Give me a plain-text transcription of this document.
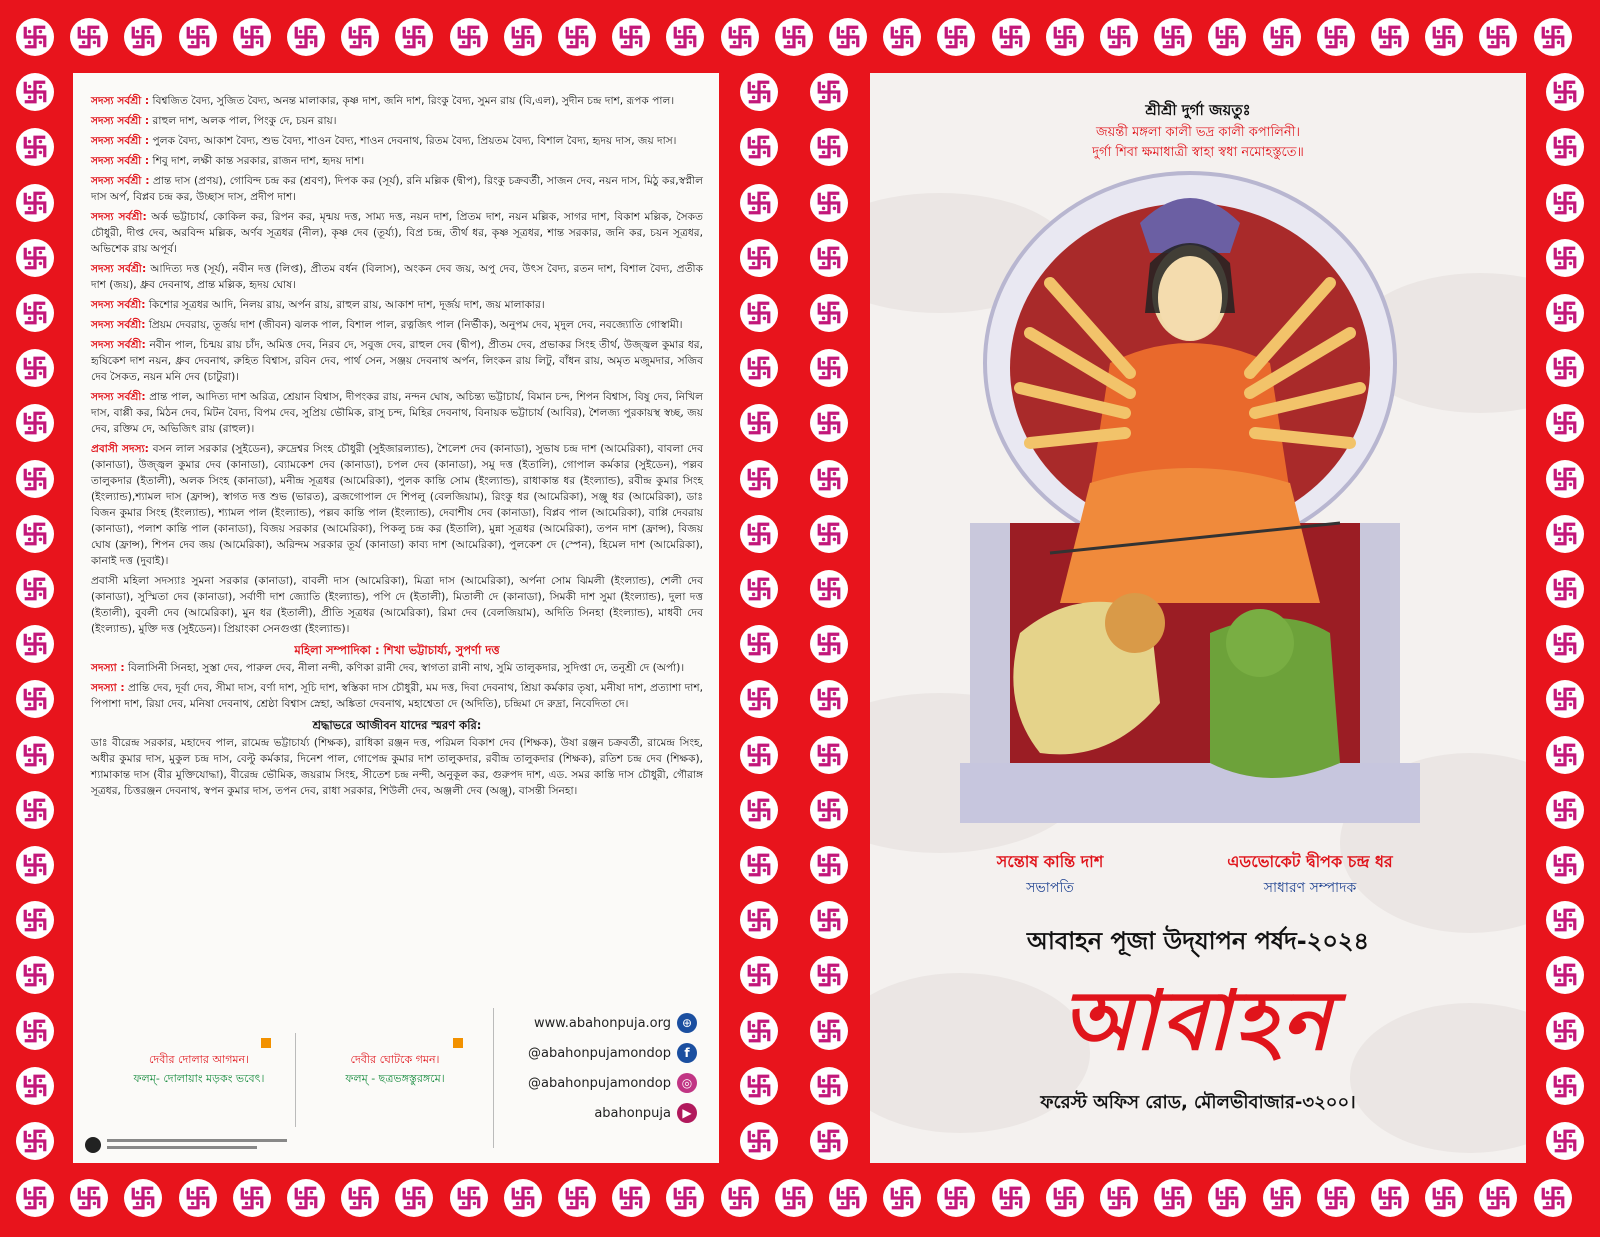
সদস্য সর্বশ্রী : বিশ্বজিত বৈদ্য, সুজিত বৈদ্য, অনন্ত মালাকার, কৃষ্ণ দাশ, জনি দাশ, রিংকু বৈদ্য, সুমন রায় (বি,এল), সুদীন চন্দ্র দাশ, রূপক পাল।
সদস্য সর্বশ্রী : রাহুল দাশ, অলক পাল, পিংকু দে, চয়ন রায়।
সদস্য সর্বশ্রী : পুলক বৈদ্য, আকাশ বৈদ্য, শুভ বৈদ্য, শাওন বৈদ্য, শাওন দেবনাথ, রিতম বৈদ্য, প্রিয়তম বৈদ্য, বিশাল বৈদ্য, হৃদয় দাস, জয় দাস।
সদস্য সর্বশ্রী : শিবু দাশ, লক্ষী কান্ত সরকার, রাজন দাশ, হৃদয় দাশ।
সদস্য সর্বশ্রী : প্রান্ত দাস (প্রণয়), গোবিন্দ চন্দ্র কর (শ্রবণ), দিপক কর (সূর্য), রনি মল্লিক (দ্বীপ), রিংকু চক্রবর্তী, সাজন দেব, নয়ন দাস, মিঠু কর,স্বপ্নীল দাস অর্প, বিপ্লব চন্দ্র কর, উচ্ছাস দাস, প্রদীপ দাশ।
সদস্য সর্বশ্রী: অর্ক ভট্টাচার্য, কোকিল কর, রিপন কর, মৃন্ময় দত্ত, সাম্য দত্ত, নয়ন দাশ, প্রিতম দাশ, নয়ন মল্লিক, সাগর দাশ, বিকাশ মল্লিক, সৈকত চৌধুরী, দীপ্ত দেব, অরবিন্দ মল্লিক, অর্ণব সূত্রধর (নীল), কৃষ্ণ দেব (তূর্য্য), বিপ্র চন্দ্র, তীর্থ ধর, কৃষ্ণ সূত্রধর, শান্ত সরকার, জনি কর, চয়ন সূত্রধর, অভিশেক রায় অপূর্ব।
সদস্য সর্বশ্রী: আদিত্য দত্ত (সূর্য), নবীন দত্ত (লিপ্ত), প্রীতম বর্ধন (বিলাস), অংকন দেব জয়, অপু দেব, উৎস বৈদ্য, রতন দাশ, বিশাল বৈদ্য, প্রতীক দাশ (জয়), ধ্রুব দেবনাথ, প্রান্ত মল্লিক, হৃদয় ঘোষ।
সদস্য সর্বশ্রী: কিশোর সূত্রধর আদি, নিলয় রায়, অর্পন রায়, রাহুল রায়, আকাশ দাশ, দূর্জয় দাশ, জয় মালাকার।
সদস্য সর্বশ্রী: প্রিয়ম দেবরায়, তূর্জয় দাশ (জীবন) ঝলক পাল, বিশাল পাল, রত্নজিৎ পাল (নির্ভীক), অনুপম দেব, মৃদুল দেব, নবজ্যোতি গোস্বামী।
সদস্য সর্বশ্রী: নবীন পাল, চিন্ময় রায় চাঁদ, অমিত্ত দেব, নিরব দে, সবুজ দেব, রাহুল দেব (দ্বীপ), প্রীতম দেব, প্রভাকর সিংহ তীর্থ, উজ্জ্বল কুমার ধর, হৃষিকেশ দাশ নয়ন, ধ্রুব দেবনাথ, রুহিত বিশ্বাস, রবিন দেব, পার্থ সেন, সঞ্জয় দেবনাথ অর্পন, লিংকন রায় লিটু, বাঁধন রায়, অমৃত মজুমদার, সজিব দেব সৈকত, নয়ন মনি দেব (চাটুরা)।
সদস্য সর্বশ্রী: প্রান্ত পাল, আদিত্য দাশ অরিত্র, শ্রেয়ান বিশ্বাস, দীপংকর রায়, নন্দন ঘোষ, অচিন্ত্য ভট্টাচার্য, বিমান চন্দ, শিপন বিশ্বাস, বিষু দেব, নিখিল দাস, বাপ্পী কর, মিঠন দেব, মিটন বৈদ্য, বিপম দেব, সুপ্রিয় ভৌমিক, রাসু চন্দ, মিহির দেবনাথ, বিনায়ক ভট্টাচার্য (আবির), শৈলজ্য পুরকায়স্থ স্বচ্ছ, জয় দেব, রক্তিম দে, অভিজিৎ রায় (রাহুল)।
প্রবাসী সদস্য: বসন লাল সরকার (সুইডেন), রুদ্রেশ্বর সিংহ চৌধুরী (সুইজারল্যান্ড), শৈলেশ দেব (কানাডা), সুভাষ চন্দ্র দাশ (আমেরিকা), বাবলা দেব (কানাডা), উজ্জ্বল কুমার দেব (কানাডা), ব্যোমকেশ দেব (কানাডা), চপল দেব (কানাডা), সমু দত্ত (ইতালি), গোপাল কর্মকার (সুইডেন), পল্লব তালুকদার (ইতালী), অলক সিংহ (কানাডা), মনীন্দ্র সূত্রধর (আমেরিকা), পুলক কান্তি সোম (ইংল্যান্ড), রাধাকান্ত ধর (ইংল্যান্ড), রবীন্দ্র কুমার সিংহ (ইংল্যান্ড),শ্যামল দাস (ফ্রান্স), স্বাগত দত্ত শুভ (ভারত), ব্রজগোপাল দে শিপলু (বেলজিয়াম), রিংকু ধর (আমেরিকা), সঞ্জু ধর (আমেরিকা), ডাঃ বিজন কুমার সিংহ (ইংল্যান্ড), শ্যামল পাল (ইংল্যান্ড), পল্লব কান্তি পাল (ইংল্যান্ড), দেবাশীষ দেব (কানাডা), বিপ্লব পাল (আমেরিকা), বাপ্পি দেবরায় (কানাডা), পলাশ কান্তি পাল (কানাডা), বিজয় সরকার (আমেরিকা), পিকলু চন্দ্র কর (ইতালি), মুন্না সূত্রধর (আমেরিকা), তপন দাশ (ফ্রান্স), বিজয় ঘোষ (ফ্রান্স), শিপন দেব জয় (আমেরিকা), অরিন্দম সরকার তূর্য (কানাডা) কাব্য দাশ (আমেরিকা), পুলকেশ দে (স্পেন), হিমেল দাশ (আমেরিকা), কানাই দত্ত (দুবাই)।
প্রবাসী মহিলা সদস্যাঃ সুমনা সরকার (কানাডা), বাবলী দাস (আমেরিকা), মিত্রা দাস (আমেরিকা), অর্পনা সোম ঝিমলী (ইংল্যান্ড), শেলী দেব (কানাডা), সুস্মিতা দেব (কানাডা), সর্বাণী দাশ জ্যোতি (ইংল্যান্ড), পপি দে (ইতালী), মিতালী দে (কানাডা), সিমকী দাশ সুমা (ইংল্যান্ড), দুলা দত্ত (ইতালী), বুবলী দেব (আমেরিকা), মুন ধর (ইতালী), প্রীতি সূত্রধর (আমেরিকা), রিমা দেব (বেলজিয়াম), অদিতি সিনহা (ইংল্যান্ড), মাধবী দেব (ইংল্যান্ড), মুক্তি দত্ত (সুইডেন)। প্রিয়াংকা সেনগুপ্তা (ইংল্যান্ড)।
মহিলা সম্পাদিকা : শিখা ভট্টাচার্য্য, সুপর্ণা দত্ত
সদস্যা : বিলাসিনী সিনহা, সুস্তা দেব, পারুল দেব, নীলা নন্দী, কণিকা রানী দেব, স্বাগতা রানী নাথ, সুমি তালুকদার, সুদিপ্তা দে, তনুশ্রী দে (অর্পা)।
সদস্যা : প্রান্তি দেব, দূর্বা দেব, সীমা দাস, বর্ণা দাশ, সূচি দাশ, স্বস্তিকা দাস চৌধুরী, মম দত্ত, দিবা দেবনাথ, শ্রিয়া কর্মকার তৃষা, মনীষা দাশ, প্রত্যাশা দাশ, পিপাশা দাশ, রিয়া দেব, মনিষা দেবনাথ, শ্রেষ্ঠা বিশ্বাস স্নেহা, অঙ্কিতা দেবনাথ, মহাশ্বেতা দে (অদিতি), চন্দ্রিমা দে রুদ্রা, নিবেদিতা দে।
শ্রদ্ধাভরে আজীবন যাদের স্মরণ করি:
ডাঃ বীরেন্দ্র সরকার, মহাদেব পাল, রামেন্দ্র ভট্টাচার্য্য (শিক্ষক), রাধিকা রঞ্জন দত্ত, পরিমল বিকাশ দেব (শিক্ষক), উষা রঞ্জন চক্রবর্তী, রামেন্দ্র সিংহ, অধীর কুমার দাস, মুকুল চন্দ্র দাস, বেল্টু কর্মকার, দিনেশ পাল, গোপেন্দ্র কুমার দাশ তালুকদার, রবীন্দ্র তালুকদার (শিক্ষক), রতিশ চন্দ্র দেব (শিক্ষক), শ্যামাকান্ত দাস (বীর মুক্তিযোদ্ধা), বীরেন্দ্র ভৌমিক, জয়রাম সিংহ, সীতেশ চন্দ্র নন্দী, অনুকূল কর, গুরুপদ দাশ, এড. সমর কান্তি দাস চৌধুরী, গৌরাঙ্গ সূত্রধর, চিত্তরঞ্জন দেবনাথ, স্বপন কুমার দাস, তপন দেব, রাধা সরকার, শিউলী দেব, অঞ্জলী দেব (অঞ্জু), বাসন্তী সিনহা।
দেবীর দোলার আগমন।
ফলম্- দোলায়াং মড়কং ভবেৎ।
দেবীর ঘোটকে গমন।
ফলম্ - ছত্রভঙ্গস্তুরঙ্গমে।
www.abahonpuja.org ⊕
@abahonpujamondop	f
@abahonpujamondop ◎
abahonpuja ▶
শ্রীশ্রী দুর্গা জয়তুঃ
জয়ন্তী মঙ্গলা কালী ভদ্র কালী কপালিনী।
দুর্গা শিবা ক্ষমাধাত্রী স্বাহা স্বধা নমোহস্তুতে॥
সন্তোষ কান্তি দাশ
সভাপতি
এডভোকেট দ্বীপক চন্দ্র ধর
সাধারণ সম্পাদক
আবাহন পূজা উদ্‌যাপন পর্ষদ-২০২৪
আবাহন
ফরেস্ট অফিস রোড, মৌলভীবাজার-৩২০০।
